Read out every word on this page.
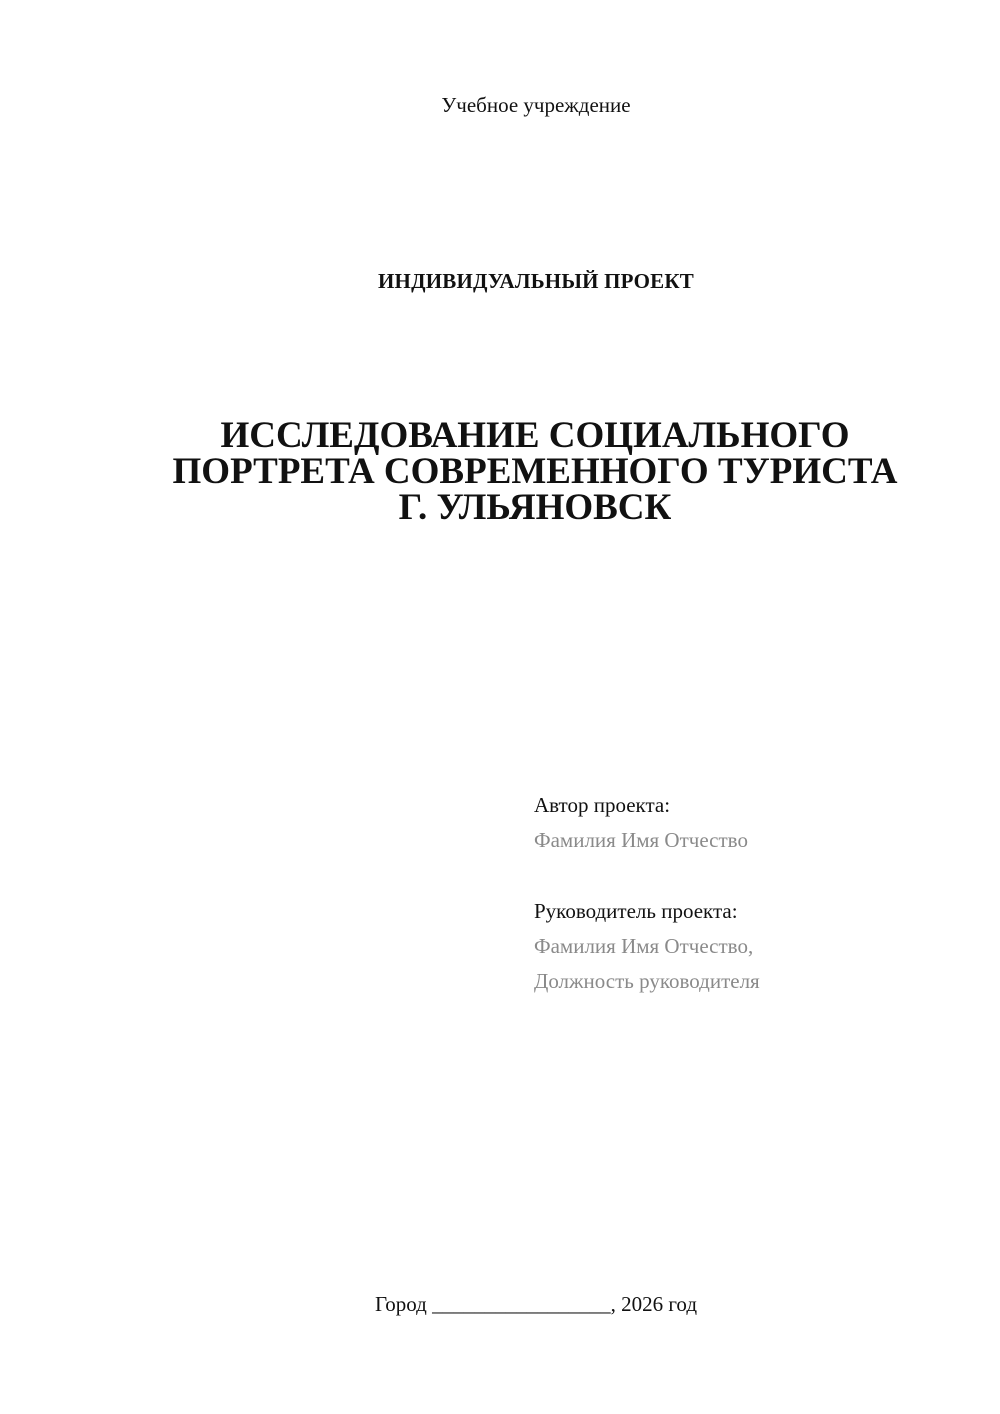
Учебное учреждение
ИНДИВИДУАЛЬНЫЙ ПРОЕКТ
ИССЛЕДОВАНИЕ СОЦИАЛЬНОГО
ПОРТРЕТА СОВРЕМЕННОГО ТУРИСТА
Г. УЛЬЯНОВСК
Автор проекта:
Фамилия Имя Отчество
Руководитель проекта:
Фамилия Имя Отчество,
Должность руководителя
Город _________________, 2026 год
